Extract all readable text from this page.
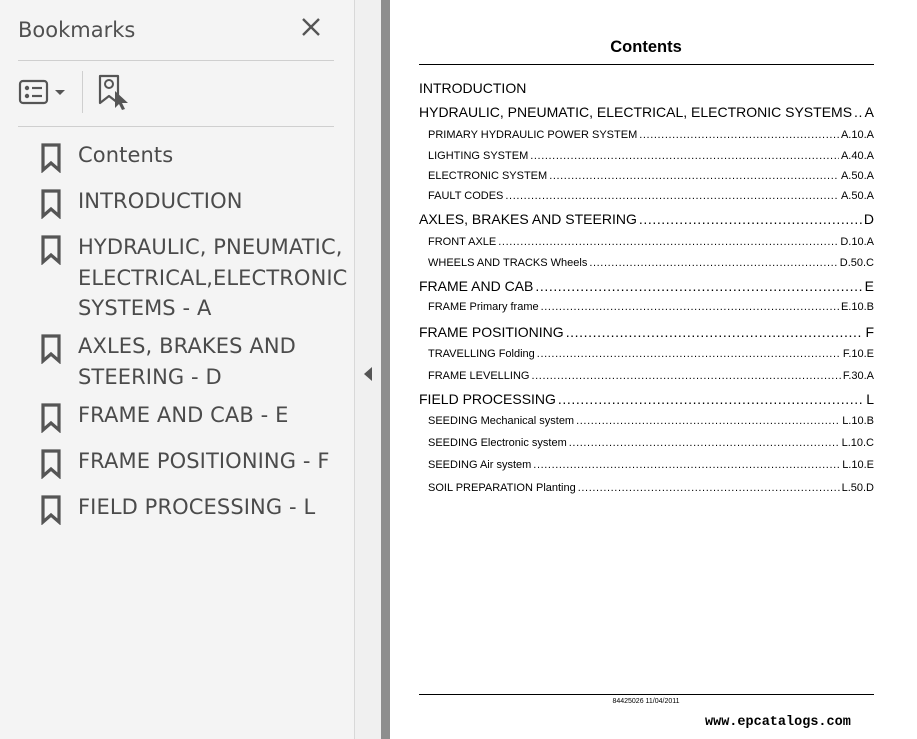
Bookmarks
Contents
INTRODUCTION
HYDRAULIC, PNEUMATIC,
ELECTRICAL,ELECTRONIC
SYSTEMS - A
AXLES, BRAKES AND
STEERING - D
FRAME AND CAB - E
FRAME POSITIONING - F
FIELD PROCESSING - L
Contents
INTRODUCTION
HYDRAULIC, PNEUMATIC, ELECTRICAL, ELECTRONIC SYSTEMS ..... A
PRIMARY HYDRAULIC POWER SYSTEM .....	A.10.A
LIGHTING SYSTEM .....	A.40.A
ELECTRONIC SYSTEM .....	A.50.A
FAULT CODES .....	A.50.A
AXLES, BRAKES AND STEERING .....	D
FRONT AXLE .....	D.10.A
WHEELS AND TRACKS Wheels .....	D.50.C
FRAME AND CAB .....	E
FRAME Primary frame .....	E.10.B
FRAME POSITIONING .....	F
TRAVELLING Folding .....	F.10.E
FRAME LEVELLING .....	F.30.A
FIELD PROCESSING .....	L
SEEDING Mechanical system .....	L.10.B
SEEDING Electronic system .....	L.10.C
SEEDING Air system .....	L.10.E
SOIL PREPARATION Planting .....	L.50.D
84425026 11/04/2011
www.epcatalogs.com
